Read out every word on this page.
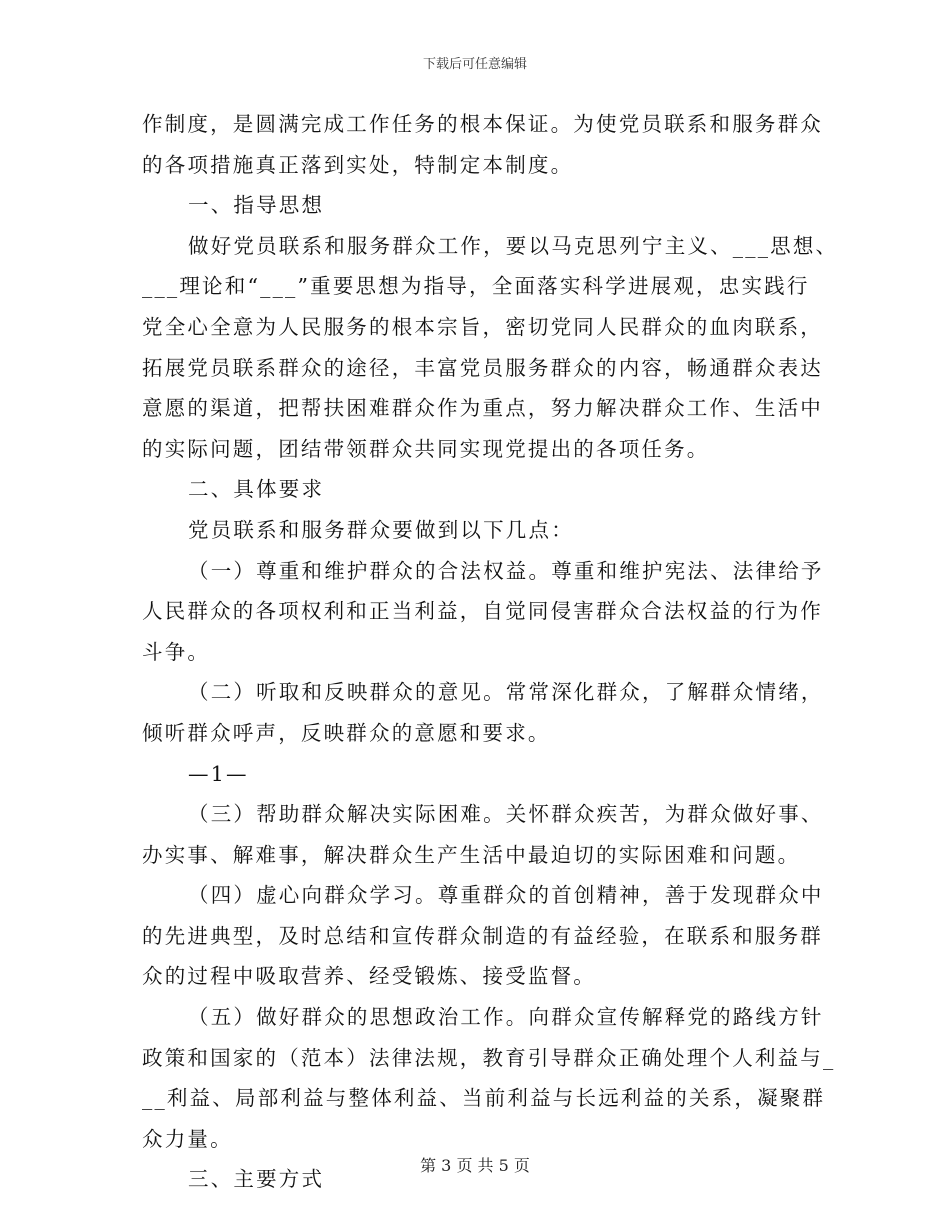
下载后可任意编辑
作制度，是圆满完成工作任务的根本保证。为使党员联系和服务群众
的各项措施真正落到实处，特制定本制度。
一、指导思想
做好党员联系和服务群众工作，要以马克思列宁主义、___思想、
___理论和“___”重要思想为指导，全面落实科学进展观，忠实践行
党全心全意为人民服务的根本宗旨，密切党同人民群众的血肉联系，
拓展党员联系群众的途径，丰富党员服务群众的内容，畅通群众表达
意愿的渠道，把帮扶困难群众作为重点，努力解决群众工作、生活中
的实际问题，团结带领群众共同实现党提出的各项任务。
二、具体要求
党员联系和服务群众要做到以下几点：
（一）尊重和维护群众的合法权益。尊重和维护宪法、法律给予
人民群众的各项权利和正当利益，自觉同侵害群众合法权益的行为作
斗争。
（二）听取和反映群众的意见。常常深化群众，了解群众情绪，
倾听群众呼声，反映群众的意愿和要求。
—1—
（三）帮助群众解决实际困难。关怀群众疾苦，为群众做好事、
办实事、解难事，解决群众生产生活中最迫切的实际困难和问题。
（四）虚心向群众学习。尊重群众的首创精神，善于发现群众中
的先进典型，及时总结和宣传群众制造的有益经验，在联系和服务群
众的过程中吸取营养、经受锻炼、接受监督。
（五）做好群众的思想政治工作。向群众宣传解释党的路线方针
政策和国家的（范本）法律法规，教育引导群众正确处理个人利益与_
__利益、局部利益与整体利益、当前利益与长远利益的关系，凝聚群
众力量。
三、主要方式
第 3 页 共 5 页
